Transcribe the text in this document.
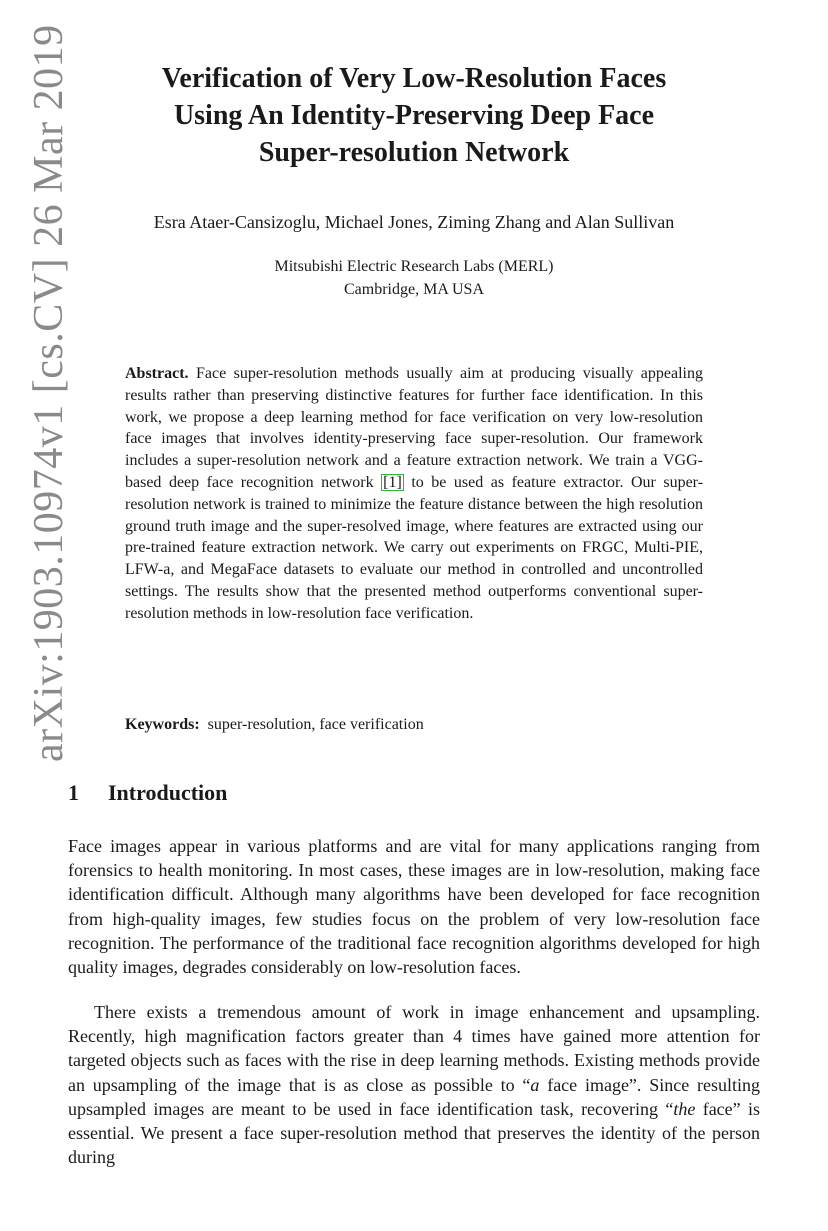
arXiv:1903.10974v1 [cs.CV] 26 Mar 2019	Verification of Very Low-Resolution Faces
Using An Identity-Preserving Deep Face
Super-resolution Network

Esra Ataer-Cansizoglu, Michael Jones, Ziming Zhang and Alan Sullivan

Mitsubishi Electric Research Labs (MERL)
Cambridge, MA USA

Abstract. Face super-resolution methods usually aim at producing visually appealing results rather than preserving distinctive features for further face identification. In this work, we propose a deep learning method for face verification on very low-resolution face images that involves identity-preserving face super-resolution. Our framework includes a super-resolution network and a feature extraction network. We train a VGG-based deep face recognition network [1] to be used as feature extractor. Our super-resolution network is trained to minimize the feature distance between the high resolution ground truth image and the super-resolved image, where features are extracted using our pre-trained feature extraction network. We carry out experiments on FRGC, Multi-PIE, LFW-a, and MegaFace datasets to evaluate our method in controlled and uncontrolled settings. The results show that the presented method outperforms conventional super-resolution methods in low-resolution face verification.

Keywords: super-resolution, face verification

1 Introduction

Face images appear in various platforms and are vital for many applications ranging from forensics to health monitoring. In most cases, these images are in low-resolution, making face identification difficult. Although many algorithms have been developed for face recognition from high-quality images, few studies focus on the problem of very low-resolution face recognition. The performance of the traditional face recognition algorithms developed for high quality images, degrades considerably on low-resolution faces.

There exists a tremendous amount of work in image enhancement and upsampling. Recently, high magnification factors greater than 4 times have gained more attention for targeted objects such as faces with the rise in deep learning methods. Existing methods provide an upsampling of the image that is as close as possible to “a face image”. Since resulting upsampled images are meant to be used in face identification task, recovering “the face” is essential. We present a face super-resolution method that preserves the identity of the person during
